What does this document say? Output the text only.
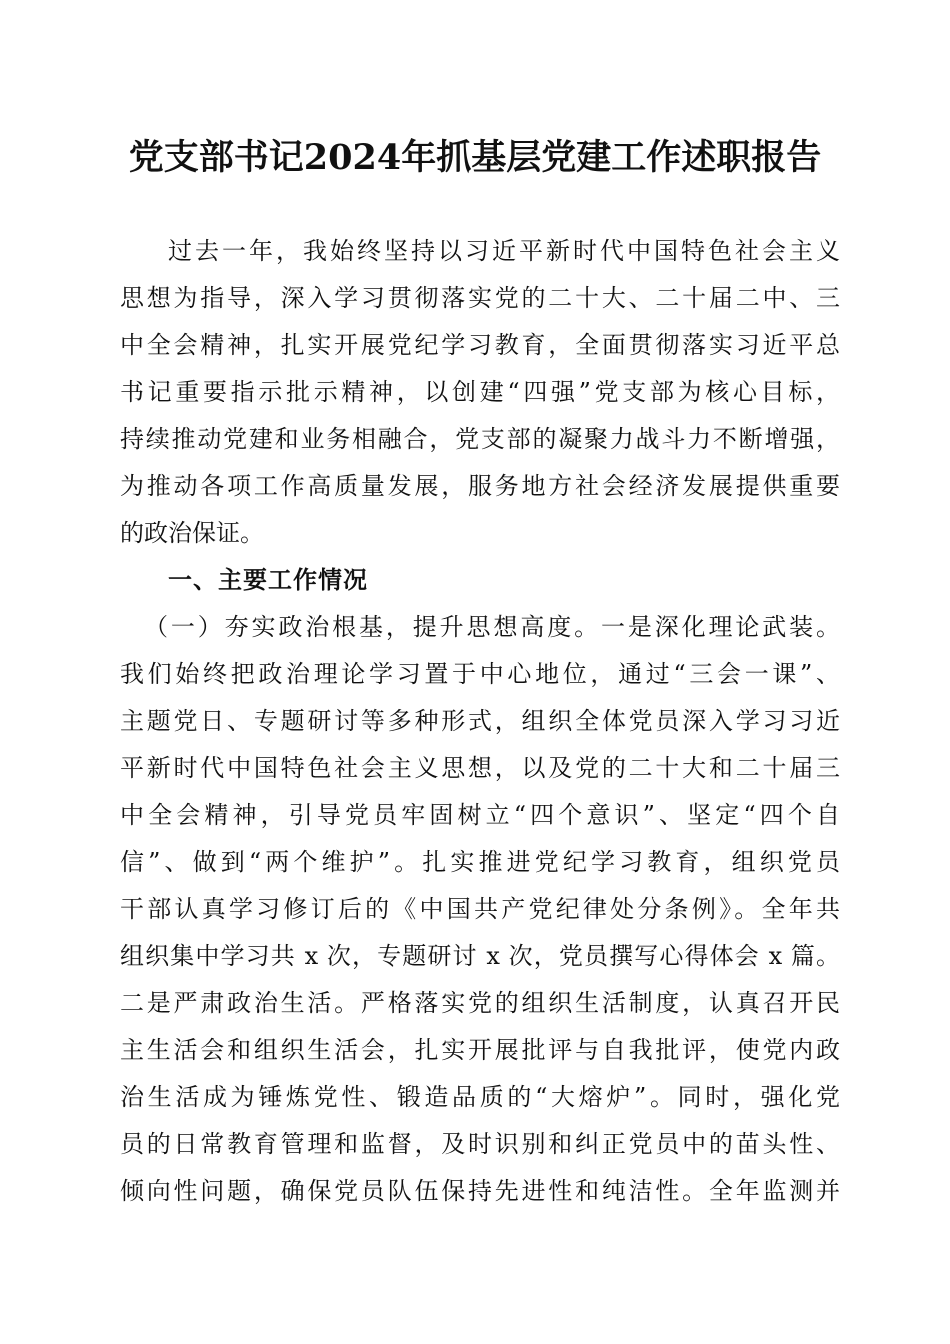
党支部书记2024年抓基层党建工作述职报告
过去一年，我始终坚持以习近平新时代中国特色社会主义
思想为指导，深入学习贯彻落实党的二十大、二十届二中、三
中全会精神，扎实开展党纪学习教育，全面贯彻落实习近平总
书记重要指示批示精神，以创建“四强”党支部为核心目标，
持续推动党建和业务相融合，党支部的凝聚力战斗力不断增强，
为推动各项工作高质量发展，服务地方社会经济发展提供重要
的政治保证。
一、主要工作情况
（一）夯实政治根基，提升思想高度。一是深化理论武装。
我们始终把政治理论学习置于中心地位，通过“三会一课”、
主题党日、专题研讨等多种形式，组织全体党员深入学习习近
平新时代中国特色社会主义思想，以及党的二十大和二十届三
中全会精神，引导党员牢固树立“四个意识”、坚定“四个自
信”、做到“两个维护”。扎实推进党纪学习教育，组织党员
干部认真学习修订后的《中国共产党纪律处分条例》。全年共
组织集中学习共 x 次，专题研讨 x 次，党员撰写心得体会 x 篇。
二是严肃政治生活。严格落实党的组织生活制度，认真召开民
主生活会和组织生活会，扎实开展批评与自我批评，使党内政
治生活成为锤炼党性、锻造品质的“大熔炉”。同时，强化党
员的日常教育管理和监督，及时识别和纠正党员中的苗头性、
倾向性问题，确保党员队伍保持先进性和纯洁性。全年监测并
